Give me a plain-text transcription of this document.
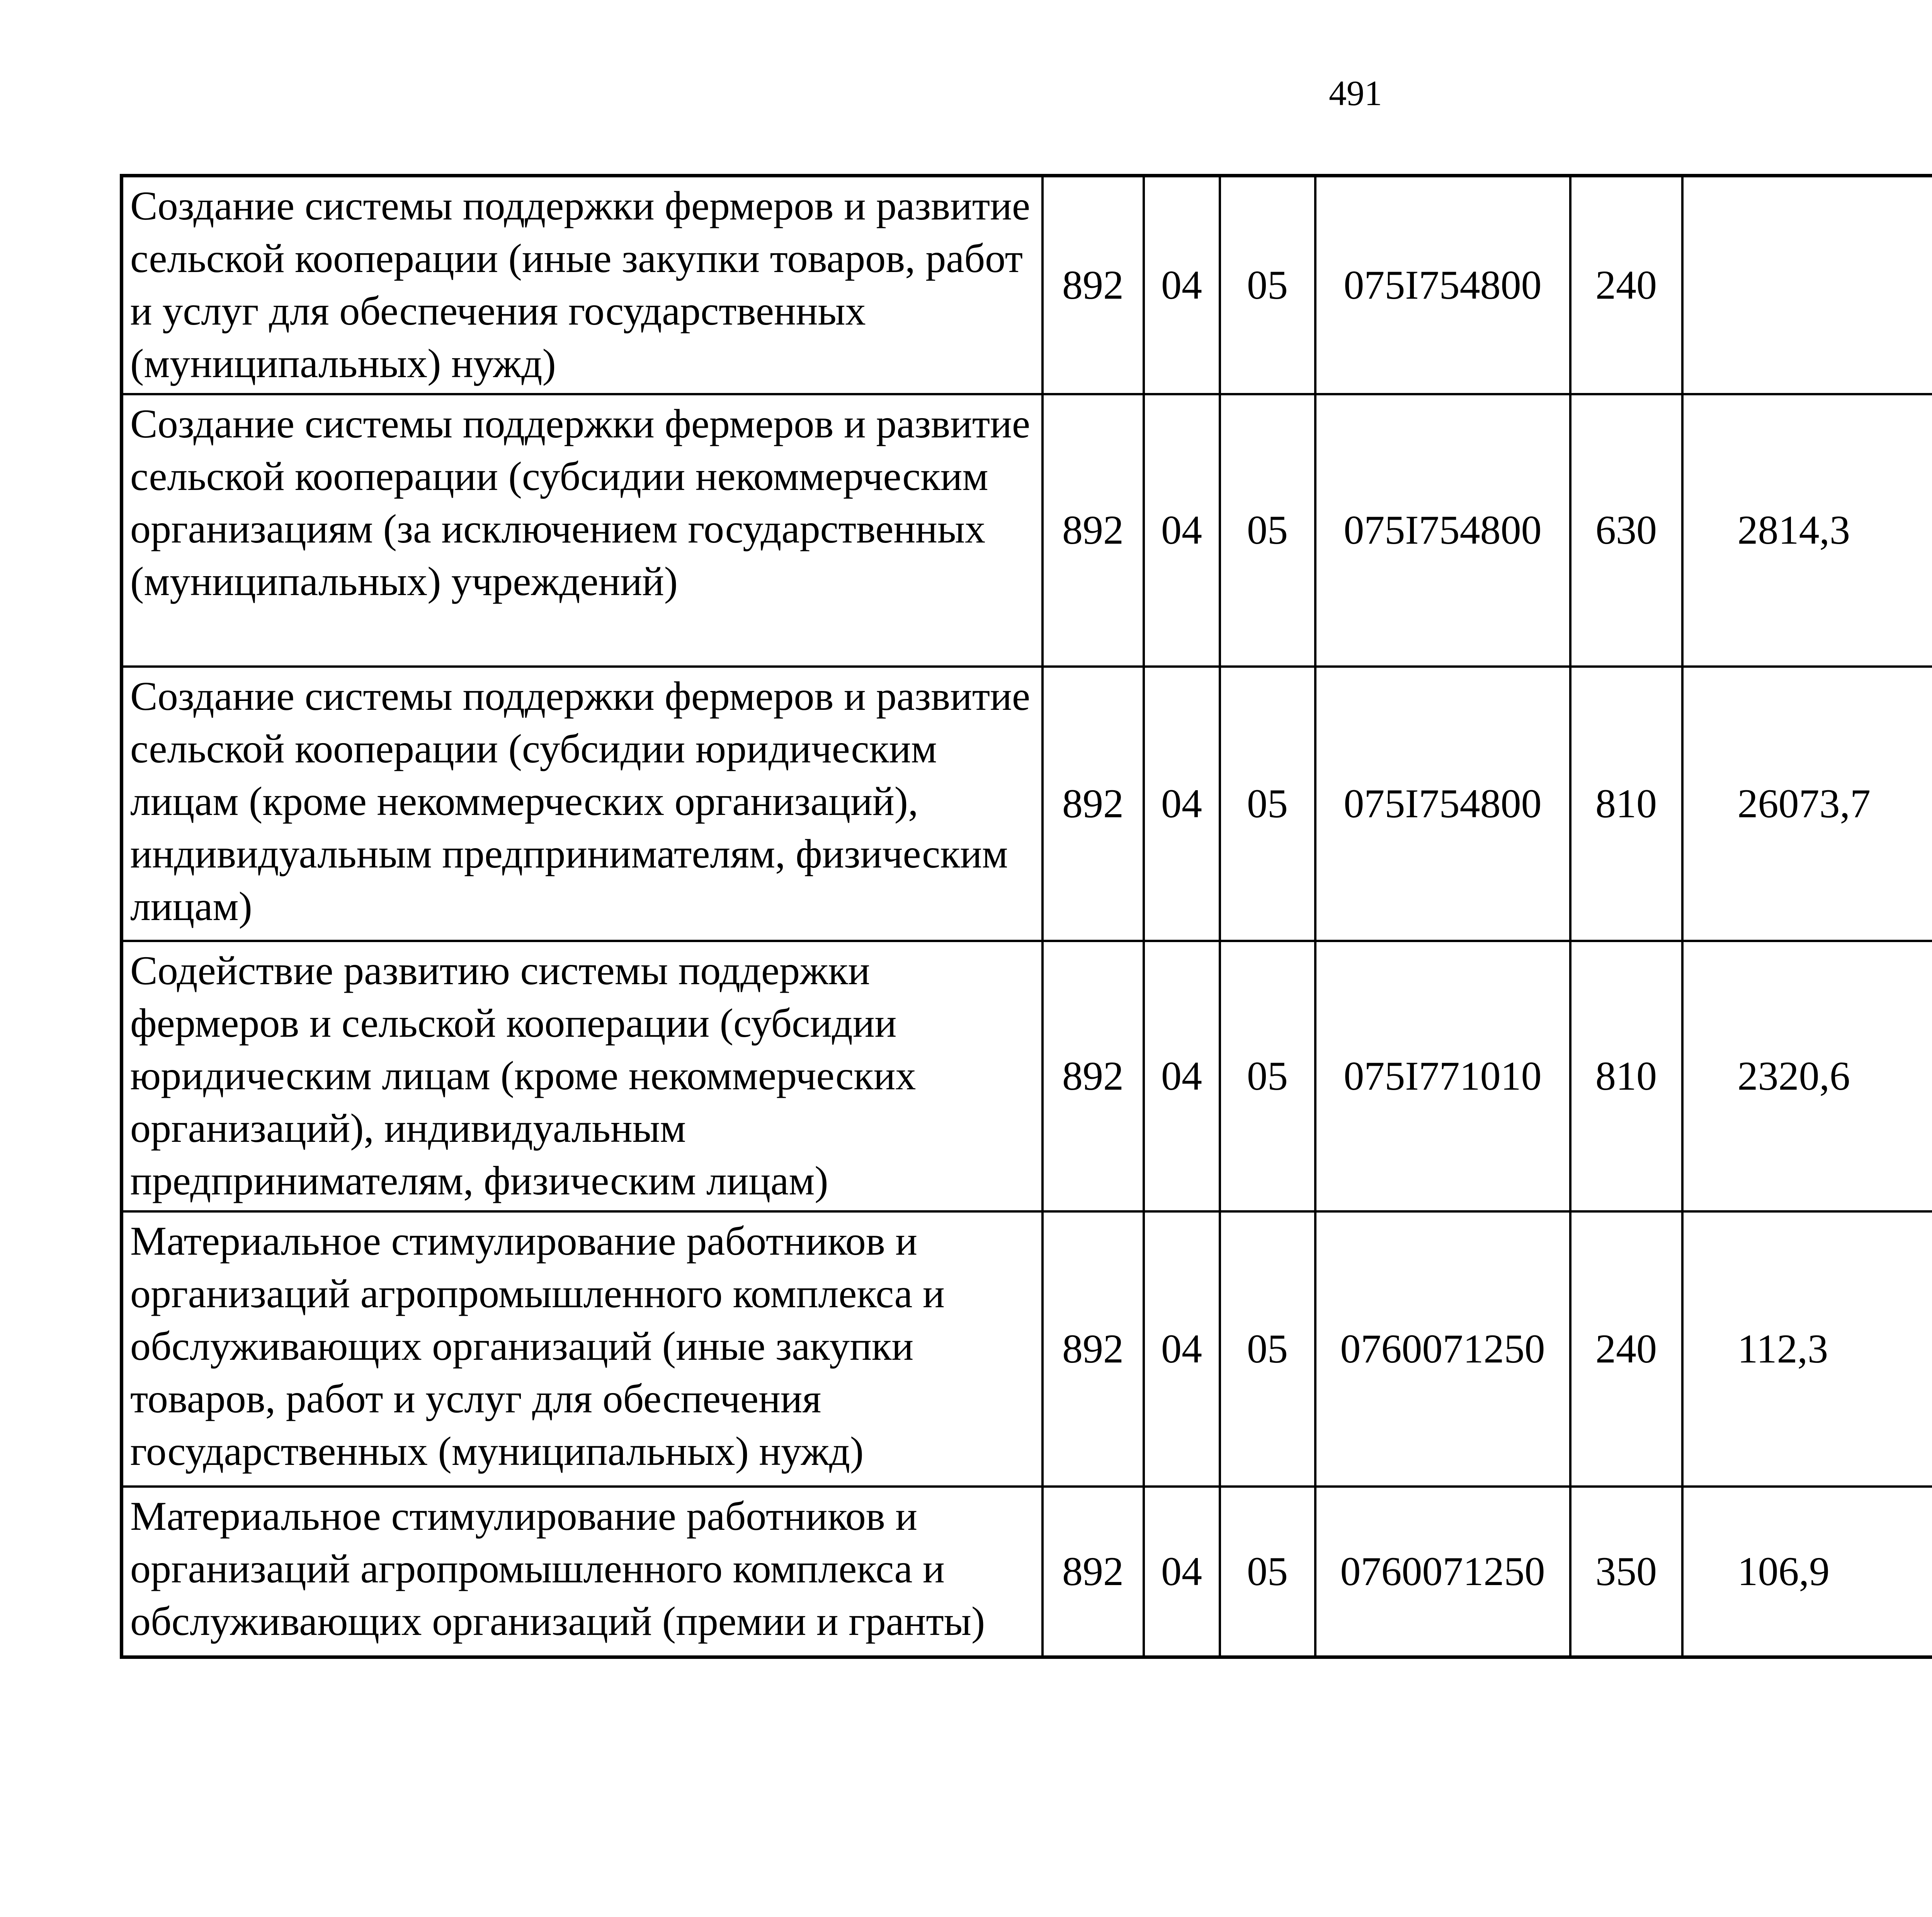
491
Создание системы поддержки фермеров и развитие сельской кооперации (иные закупки товаров, работ и услуг для обеспечения государственных (муниципальных) нужд)	892	04	05	075I754800	240			
Создание системы поддержки фермеров и развитие сельской кооперации (субсидии некоммерческим организациям (за исключением государственных (муниципальных) учреждений)	892	04	05	075I754800	630	2814,3		
Создание системы поддержки фермеров и развитие сельской кооперации (субсидии юридическим лицам (кроме некоммерческих организаций), индивидуальным предпринимателям, физическим лицам)	892	04	05	075I754800	810	26073,7		
Содействие развитию системы поддержки фермеров и сельской кооперации (субсидии юридическим лицам (кроме некоммерческих организаций), индивидуальным предпринимателям, физическим лицам)	892	04	05	075I771010	810	2320,6		
Материальное стимулирование работников и организаций агропромышленного комплекса и обслуживающих организаций (иные закупки товаров, работ и услуг для обеспечения государственных (муниципальных) нужд)	892	04	05	0760071250	240	112,3		
Материальное стимулирование работников и организаций агропромышленного комплекса и обслуживающих организаций (премии и гранты)	892	04	05	0760071250	350	106,9		
